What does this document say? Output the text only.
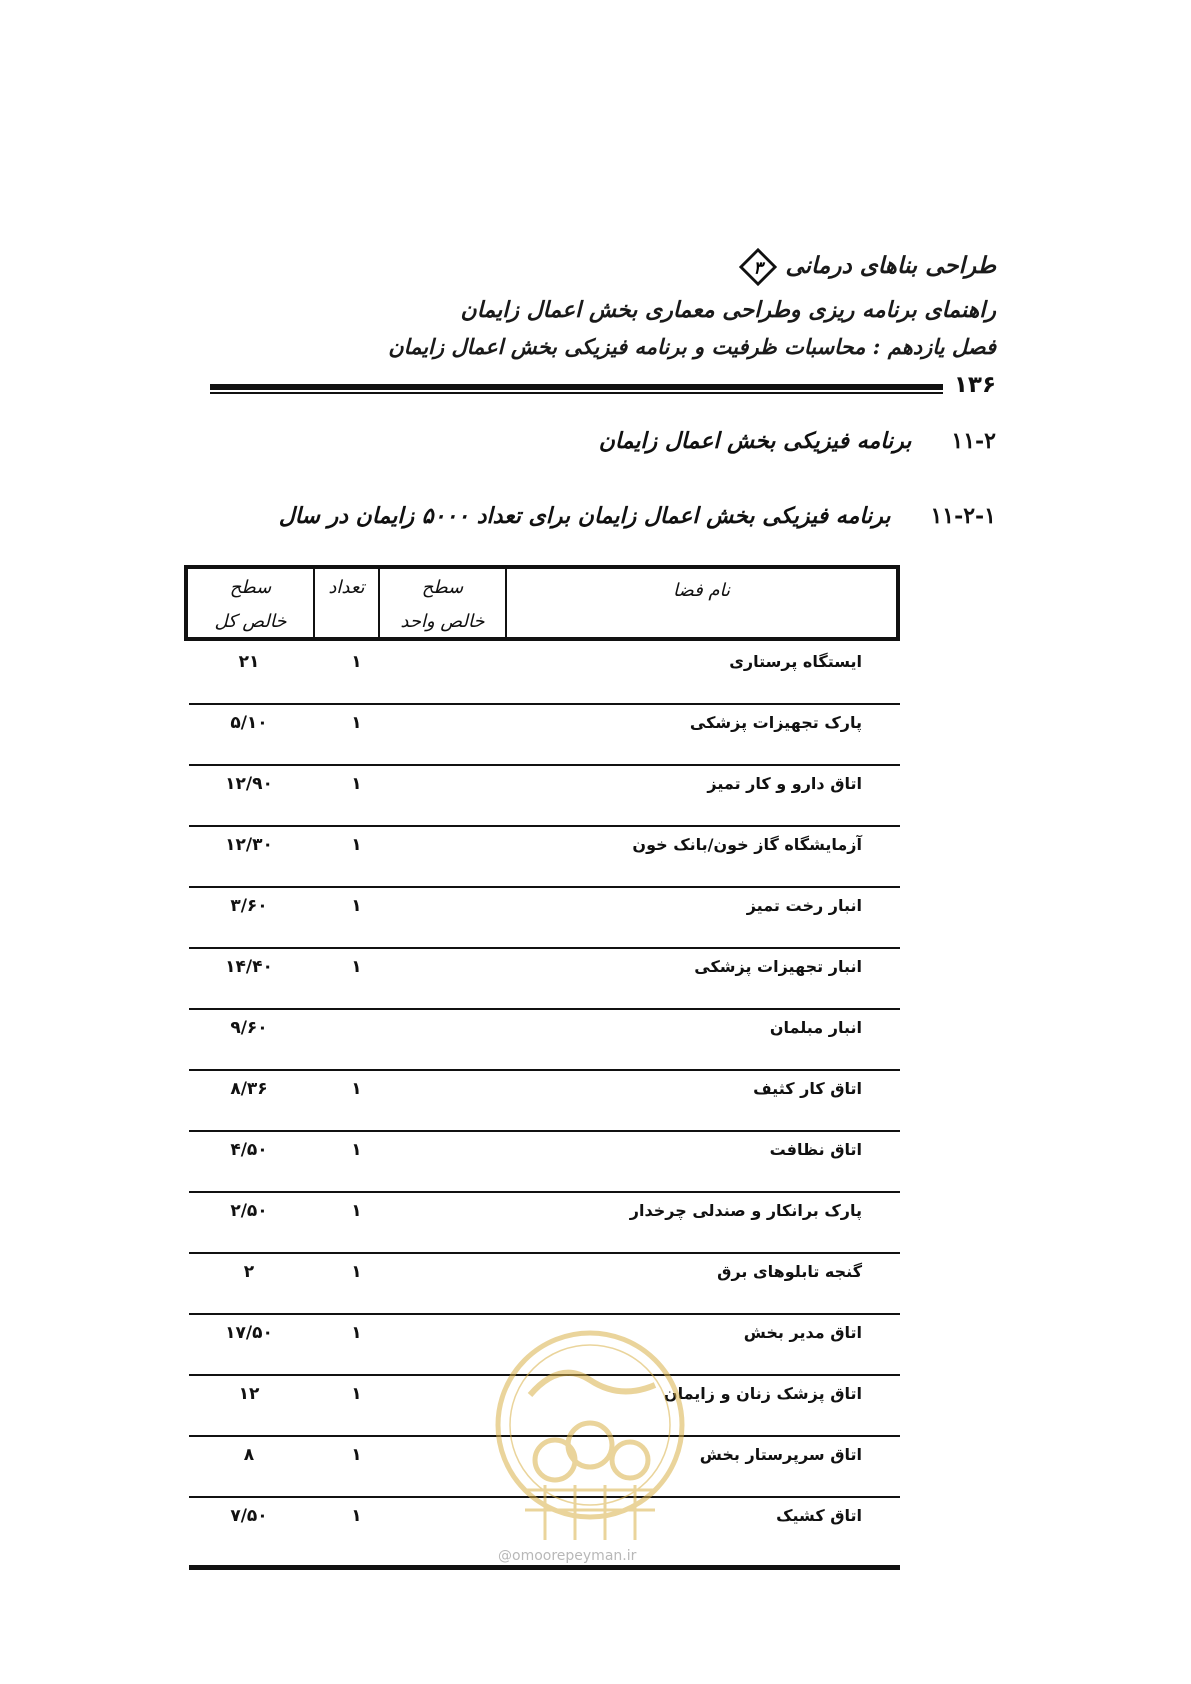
طراحی بناهای درمانی
۳
راهنمای برنامه ریزی وطراحی معماری بخش اعمال زایمان
فصل یازدهم : محاسبات ظرفیت و برنامه فیزیکی بخش اعمال زایمان
۱۳۶
۱۱-۲برنامه فیزیکی بخش اعمال زایمان
۱۱-۲-۱برنامه فیزیکی بخش اعمال زایمان برای تعداد ۵۰۰۰ زایمان در سال
سطح
خالص کل
تعداد	سطح
خالص واحد
نام فضا
ایستگاه پرستاری
۱
۲۱
پارک تجهیزات پزشکی
۱
۵/۱۰
اتاق دارو و کار تمیز
۱
۱۲/۹۰
آزمایشگاه گاز خون/بانک خون
۱
۱۲/۳۰
انبار رخت تمیز
۱
۳/۶۰
انبار تجهیزات پزشکی
۱
۱۴/۴۰
انبار مبلمان
۹/۶۰
اتاق کار کثیف
۱
۸/۳۶
اتاق نظافت
۱
۴/۵۰
پارک برانکار و صندلی چرخدار
۱
۲/۵۰
گنجه تابلوهای برق
۱
۲
اتاق مدیر بخش
۱
۱۷/۵۰
اتاق پزشک زنان و زایمان
۱
۱۲
اتاق سرپرستار بخش
۱
۸
اتاق کشیک
۱
۷/۵۰
@omoorepeyman.ir
